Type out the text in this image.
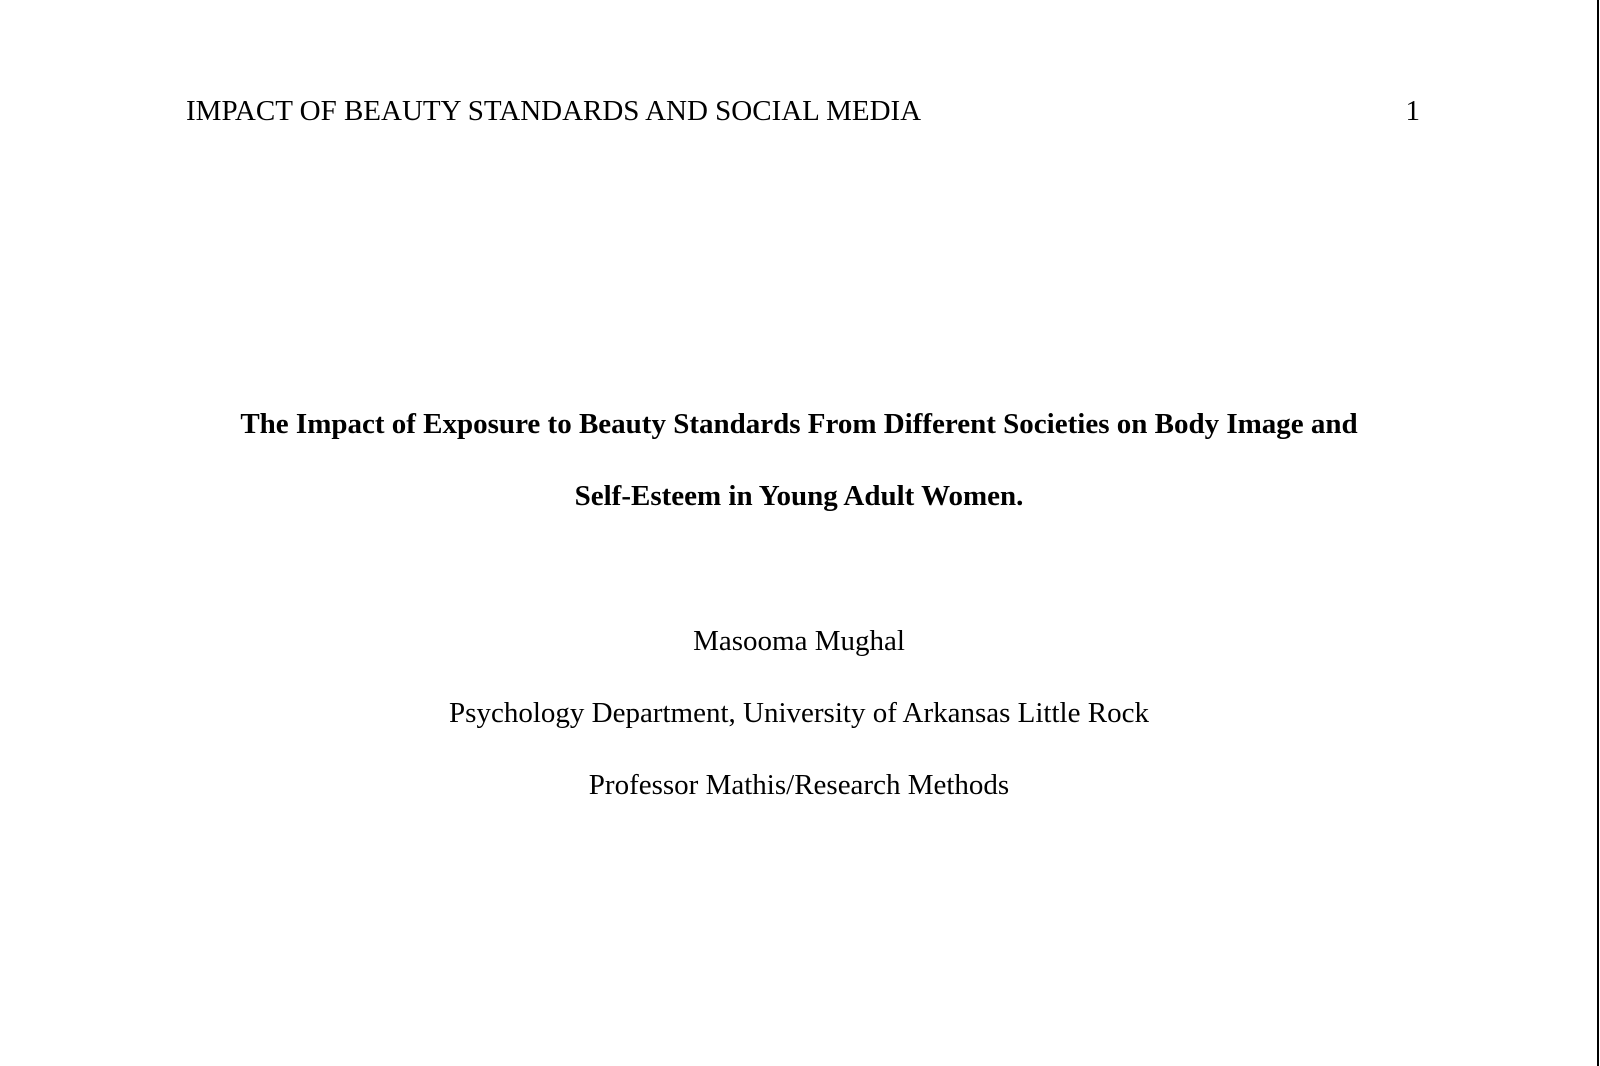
IMPACT OF BEAUTY STANDARDS AND SOCIAL MEDIA	1
The Impact of Exposure to Beauty Standards From Different Societies on Body Image and
Self-Esteem in Young Adult Women.
Masooma Mughal
Psychology Department, University of Arkansas Little Rock
Professor Mathis/Research Methods
